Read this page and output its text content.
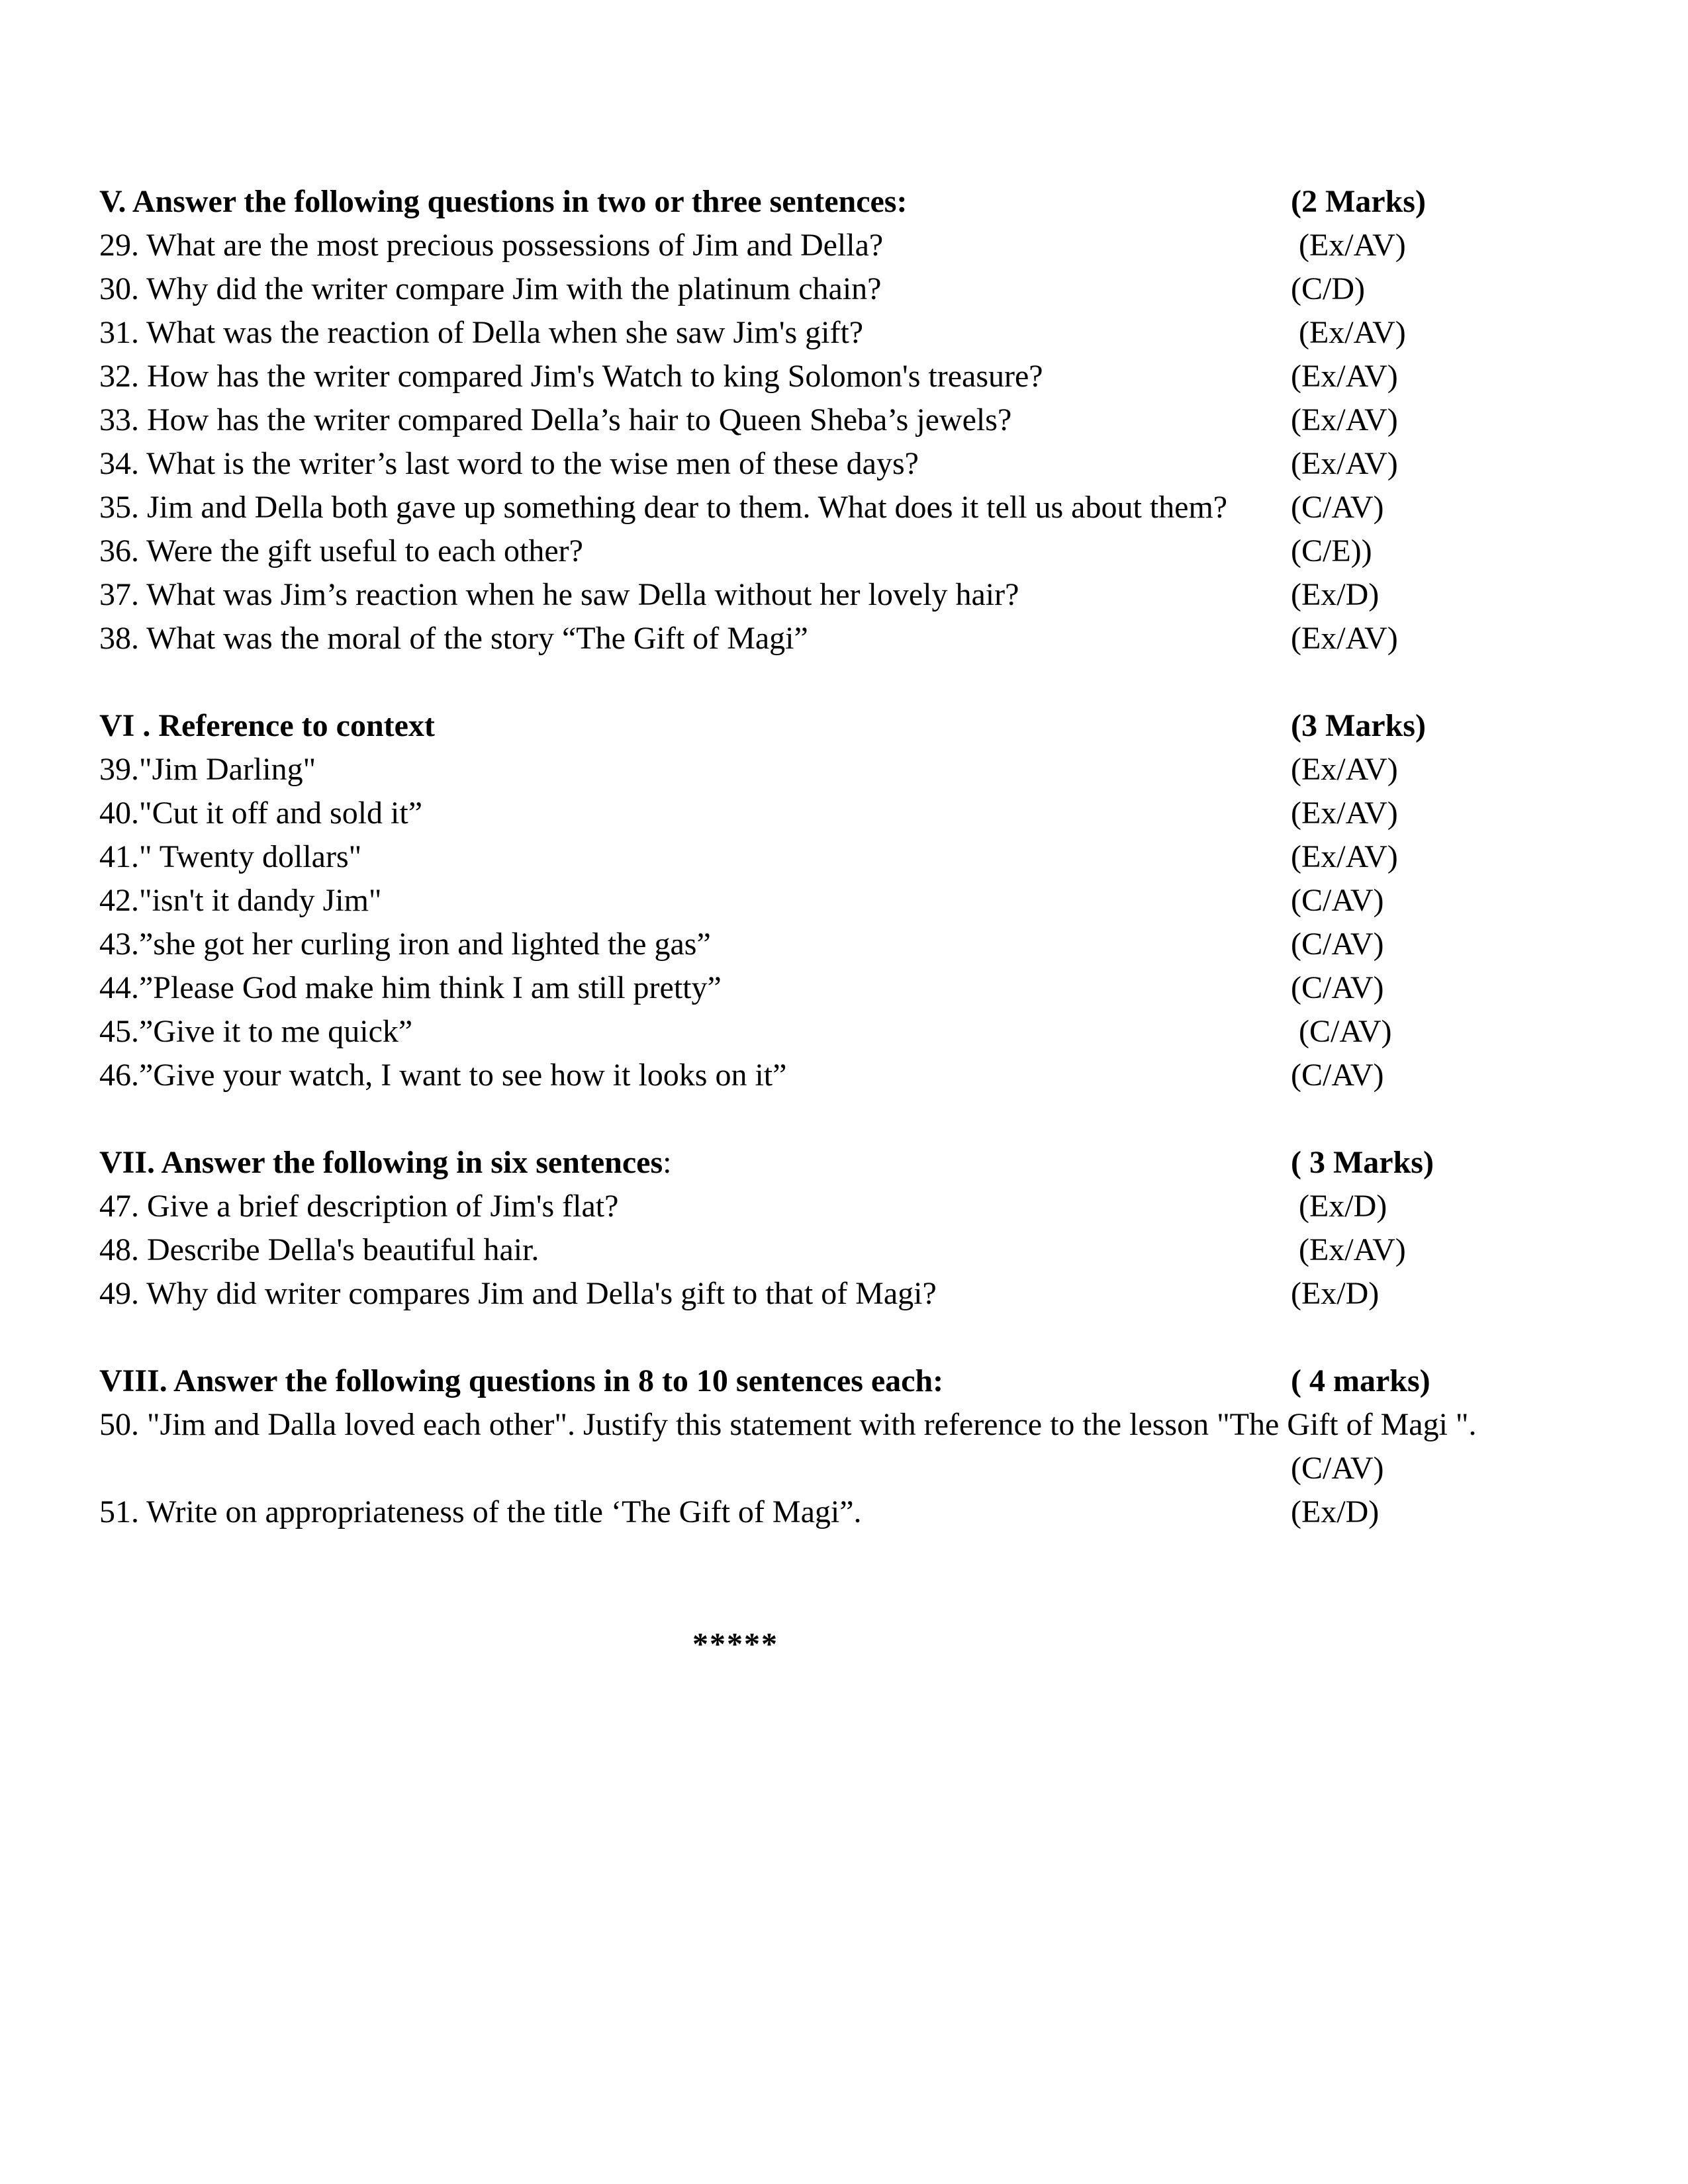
V. Answer the following questions in two or three sentences:	(2 Marks)
29. What are the most precious possessions of Jim and Della?	(Ex/AV)
30. Why did the writer compare Jim with the platinum chain?	(C/D)
31. What was the reaction of Della when she saw Jim's gift?	(Ex/AV)
32. How has the writer compared Jim's Watch to king Solomon's treasure?	(Ex/AV)
33. How has the writer compared Della’s hair to Queen Sheba’s jewels?	(Ex/AV)
34. What is the writer’s last word to the wise men of these days?	(Ex/AV)
35. Jim and Della both gave up something dear to them. What does it tell us about them? (C/AV)
36. Were the gift useful to each other?	(C/E))
37. What was Jim’s reaction when he saw Della without her lovely hair?	(Ex/D)
38. What was the moral of the story “The Gift of Magi”	(Ex/AV)
VI . Reference to context	(3 Marks)
39."Jim Darling"	(Ex/AV)
40."Cut it off and sold it”	(Ex/AV)
41." Twenty dollars"	(Ex/AV)
42."isn't it dandy Jim"	(C/AV)
43.”she got her curling iron and lighted the gas”	(C/AV)
44.”Please God make him think I am still pretty”	(C/AV)
45.”Give it to me quick”	(C/AV)
46.”Give your watch, I want to see how it looks on it”	(C/AV)
VII. Answer the following in six sentences:	( 3 Marks)
47. Give a brief description of Jim's flat?	(Ex/D)
48. Describe Della's beautiful hair.	(Ex/AV)
49. Why did writer compares Jim and Della's gift to that of Magi?	(Ex/D)
VIII. Answer the following questions in 8 to 10 sentences each:	( 4 marks)
50. "Jim and Dalla loved each other". Justify this statement with reference to the lesson "The Gift of Magi ".
(C/AV)
51. Write on appropriateness of the title ‘The Gift of Magi”.	(Ex/D)
*****
